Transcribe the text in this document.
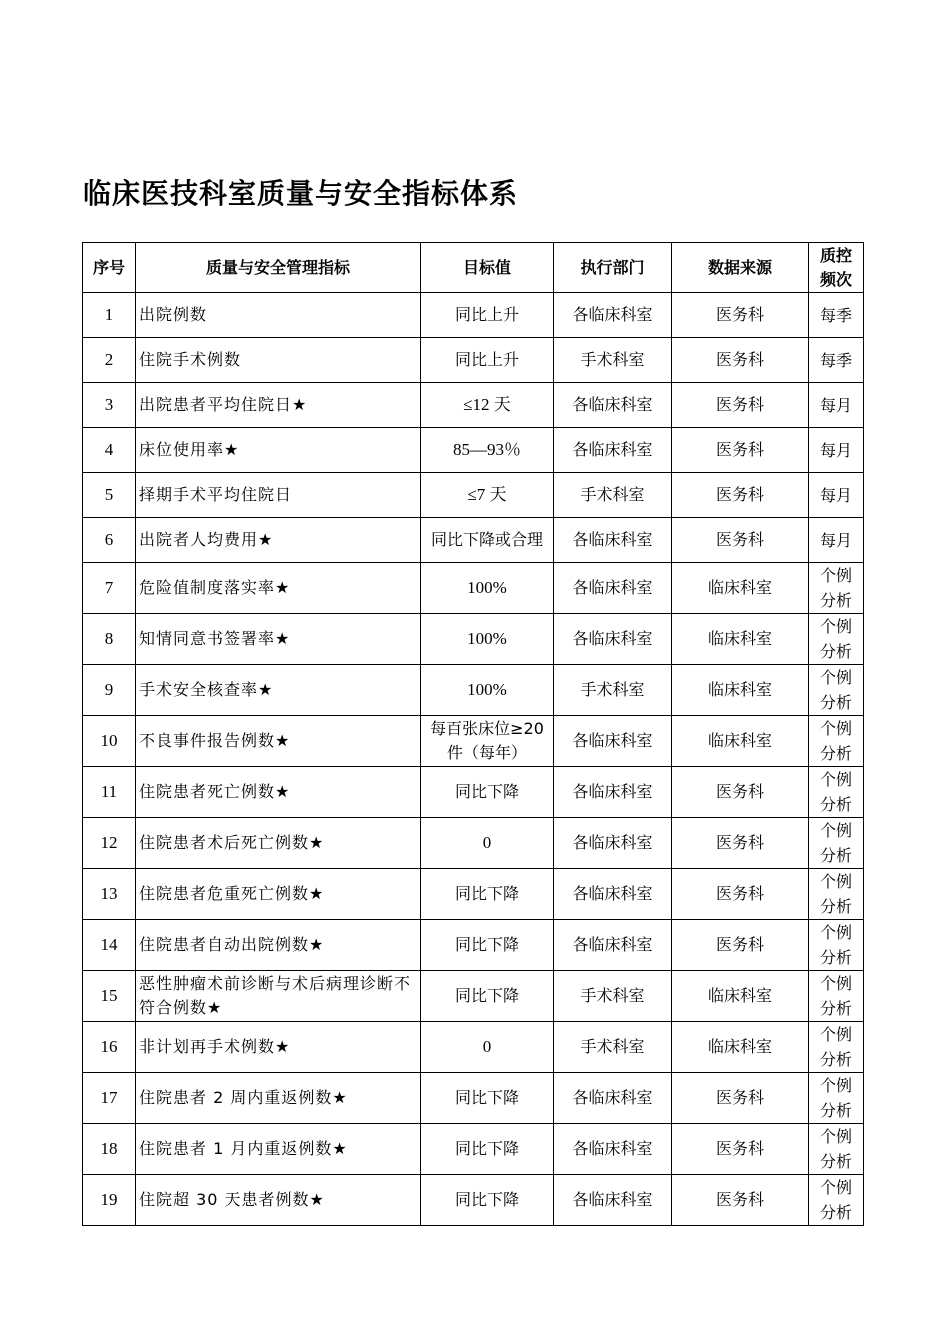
临床医技科室质量与安全指标体系
序号	质量与安全管理指标	目标值	执行部门	数据来源	质控频次
1	出院例数	同比上升	各临床科室	医务科	每季
2	住院手术例数	同比上升	手术科室	医务科	每季
3	出院患者平均住院日★	≤12 天	各临床科室	医务科	每月
4	床位使用率★	85—93％	各临床科室	医务科	每月
5	择期手术平均住院日	≤7 天	手术科室	医务科	每月
6	出院者人均费用★	同比下降或合理	各临床科室	医务科	每月
7	危险值制度落实率★	100%	各临床科室	临床科室	个例分析
8	知情同意书签署率★	100%	各临床科室	临床科室	个例分析
9	手术安全核查率★	100%	手术科室	临床科室	个例分析
10	不良事件报告例数★	每百张床位≥20件（每年）	各临床科室	临床科室	个例分析
11	住院患者死亡例数★	同比下降	各临床科室	医务科	个例分析
12	住院患者术后死亡例数★	0	各临床科室	医务科	个例分析
13	住院患者危重死亡例数★	同比下降	各临床科室	医务科	个例分析
14	住院患者自动出院例数★	同比下降	各临床科室	医务科	个例分析
15	恶性肿瘤术前诊断与术后病理诊断不符合例数★	同比下降	手术科室	临床科室	个例分析
16	非计划再手术例数★	0	手术科室	临床科室	个例分析
17	住院患者 2 周内重返例数★	同比下降	各临床科室	医务科	个例分析
18	住院患者 1 月内重返例数★	同比下降	各临床科室	医务科	个例分析
19	住院超 30 天患者例数★	同比下降	各临床科室	医务科	个例分析
